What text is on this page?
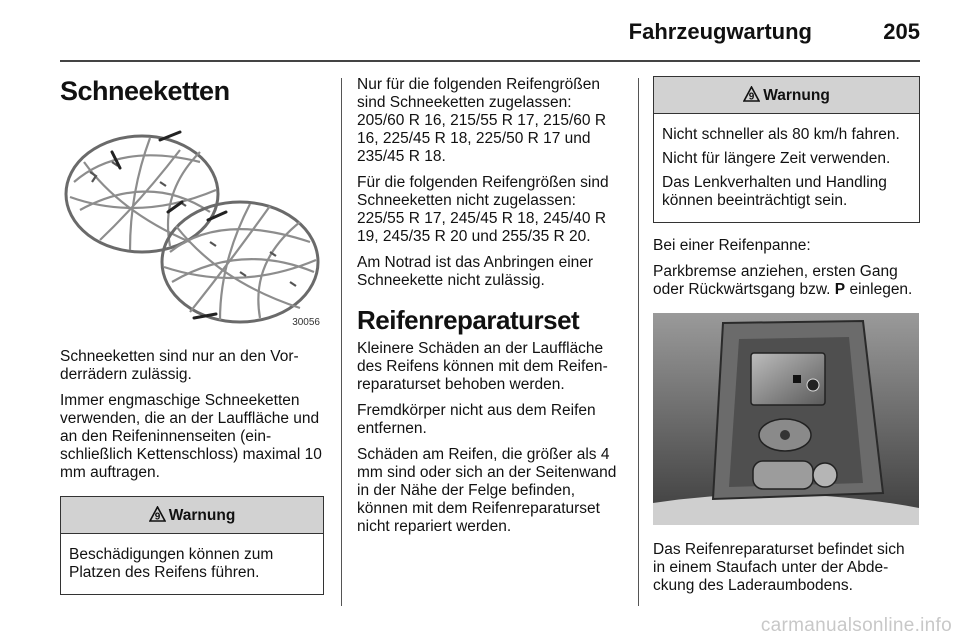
Fahrzeugwartung	205
Schneeketten
30056

Schneeketten sind nur an den Vorderrädern zulässig.

Immer engmaschige Schneeketten verwenden, die an der Lauffläche und an den Reifeninnenseiten (einschließlich Kettenschloss) maximal 10 mm auftragen.

9 Warnung

Beschädigungen können zum Platzen des Reifens führen.

Nur für die folgenden Reifengrößen sind Schneeketten zugelassen: 205/60 R 16, 215/55 R 17, 215/60 R 16, 225/45 R 18, 225/50 R 17 und 235/45 R 18.

Für die folgenden Reifengrößen sind Schneeketten nicht zugelassen: 225/55 R 17, 245/45 R 18, 245/40 R 19, 245/35 R 20 und 255/35 R 20.

Am Notrad ist das Anbringen einer Schneekette nicht zulässig.

Reifenreparaturset

Kleinere Schäden an der Lauffläche des Reifens können mit dem Reifenreparaturset behoben werden.

Fremdkörper nicht aus dem Reifen entfernen.

Schäden am Reifen, die größer als 4 mm sind oder sich an der Seitenwand in der Nähe der Felge befinden, können mit dem Reifenreparaturset nicht repariert werden.

9 Warnung

Nicht schneller als 80 km/h fahren.

Nicht für längere Zeit verwenden.

Das Lenkverhalten und Handling können beeinträchtigt sein.

Bei einer Reifenpanne:

Parkbremse anziehen, ersten Gang oder Rückwärtsgang bzw. P einlegen.

Das Reifenreparaturset befindet sich in einem Staufach unter der Abdeckung des Laderaumbodens.

carmanualsonline.info
